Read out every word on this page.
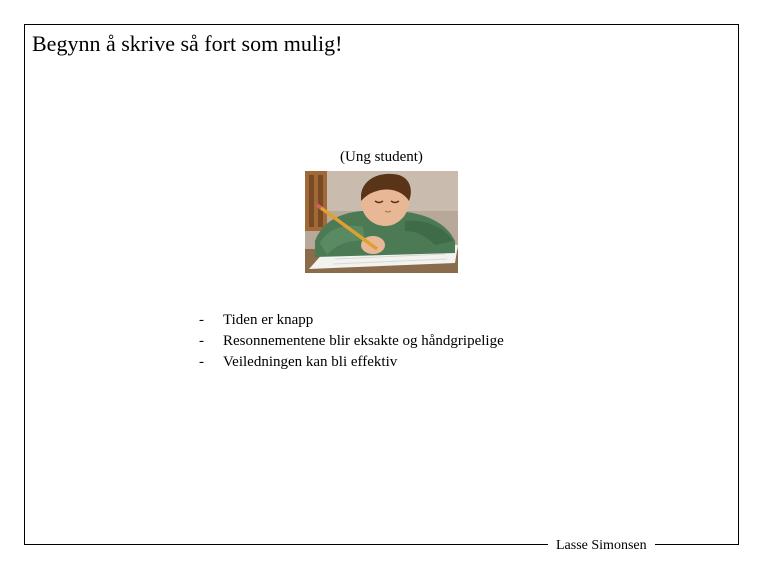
Begynn å skrive så fort som mulig!
(Ung student)
- Tiden er knapp
- Resonnementene blir eksakte og håndgripelige
- Veiledningen kan bli effektiv
Lasse Simonsen
